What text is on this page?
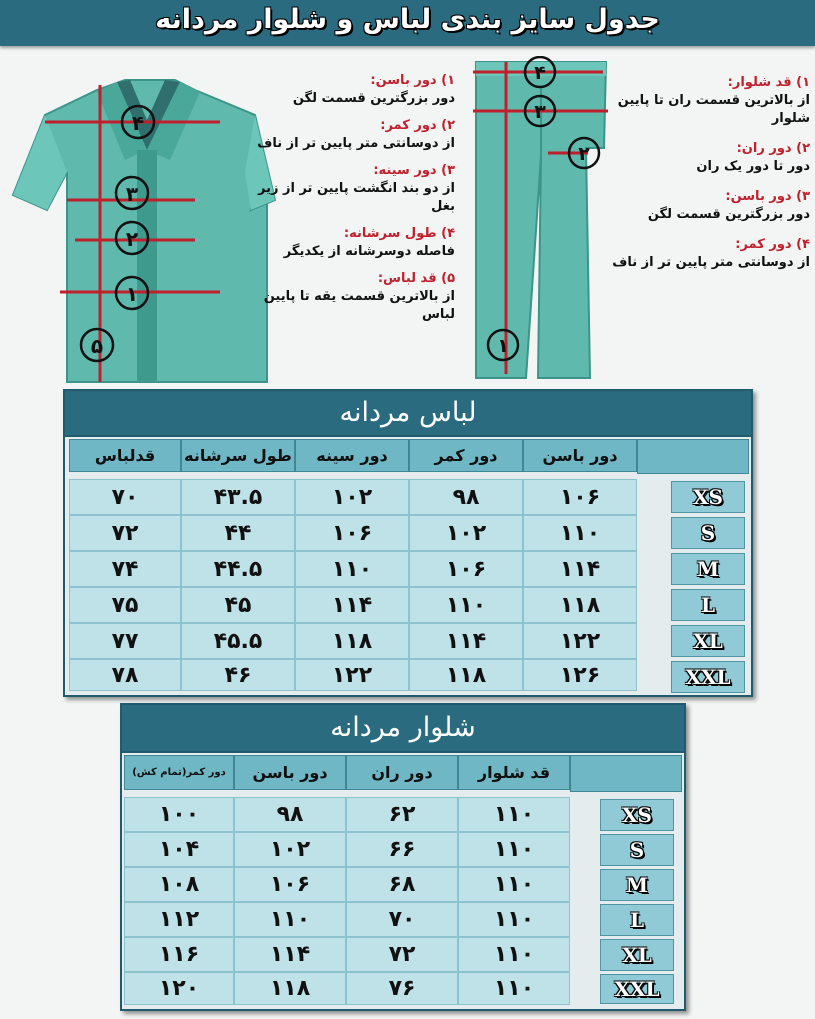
جدول سایز بندی لباس و شلوار مردانه
۴
۳
۲
۱
۵
۱) دور باسن:
دور بزرگترین قسمت لگن
۲) دور کمر:
از دوسانتی متر پایین تر از ناف
۳) دور سینه:
از دو بند انگشت پایین تر از زیر بغل
۴) طول سرشانه:
فاصله دوسرشانه از یکدیگر
۵) قد لباس:
از بالاترین قسمت یقه تا پایین لباس
۴
۳
۲
۱
۱) قد شلوار:
از بالاترین قسمت ران تا پایین شلوار
۲) دور ران:
دور تا دور یک ران
۳) دور باسن:
دور بزرگترین قسمت لگن
۴) دور کمر:
از دوسانتی متر پایین تر از ناف
لباس مردانه
دور باسن
دور کمر
دور سینه
طول سرشانه
قدلباس
XS
۱۰۶
۹۸
۱۰۲
۴۳.۵
۷۰
S
۱۱۰
۱۰۲
۱۰۶
۴۴
۷۲
M
۱۱۴
۱۰۶
۱۱۰
۴۴.۵
۷۴
L
۱۱۸
۱۱۰
۱۱۴
۴۵
۷۵
XL
۱۲۲
۱۱۴
۱۱۸
۴۵.۵
۷۷
XXL
۱۲۶
۱۱۸
۱۲۲
۴۶
۷۸
شلوار مردانه
قد شلوار
دور ران
دور باسن
دور کمر(تمام کش)
XS
۱۱۰
۶۲
۹۸
۱۰۰
S
۱۱۰
۶۶
۱۰۲
۱۰۴
M
۱۱۰
۶۸
۱۰۶
۱۰۸
L
۱۱۰
۷۰
۱۱۰
۱۱۲
XL
۱۱۰
۷۲
۱۱۴
۱۱۶
XXL
۱۱۰
۷۶
۱۱۸
۱۲۰
